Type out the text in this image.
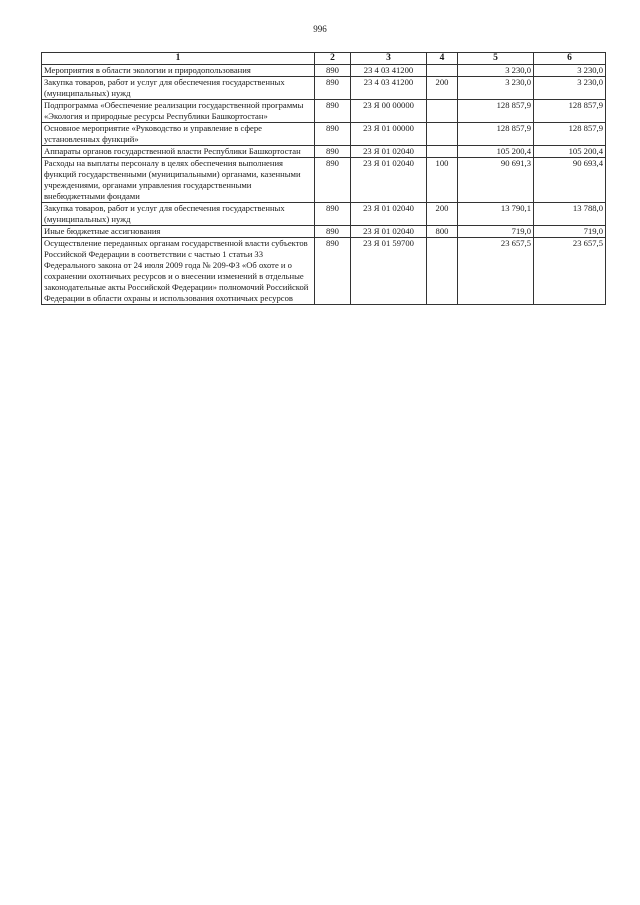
996
1	2	3	4	5	6
Мероприятия в области экологии и природопользования	890	23 4 03 41200		3 230,0	3 230,0
Закупка товаров, работ и услуг для обеспечения государственных (муниципальных) нужд	890	23 4 03 41200	200	3 230,0	3 230,0
Подпрограмма «Обеспечение реализации государственной программы «Экология и природные ресурсы Республики Башкортостан»	890	23 Я 00 00000		128 857,9	128 857,9
Основное мероприятие «Руководство и управление в сфере установленных функций»	890	23 Я 01 00000		128 857,9	128 857,9
Аппараты органов государственной власти Республики Башкортостан	890	23 Я 01 02040		105 200,4	105 200,4
Расходы на выплаты персоналу в целях обеспечения выполнения функций государственными (муниципальными) органами, казенными учреждениями, органами управления государственными внебюджетными фондами	890	23 Я 01 02040	100	90 691,3	90 693,4
Закупка товаров, работ и услуг для обеспечения государственных (муниципальных) нужд	890	23 Я 01 02040	200	13 790,1	13 788,0
Иные бюджетные ассигнования	890	23 Я 01 02040	800	719,0	719,0
Осуществление переданных органам государственной власти субъектов Российской Федерации в соответствии с частью 1 статьи 33 Федерального закона от 24 июля 2009 года № 209-ФЗ «Об охоте и о сохранении охотничьих ресурсов и о внесении изменений в отдельные законодательные акты Российской Федерации» полномочий Российской Федерации в области охраны и использования охотничьих ресурсов	890	23 Я 01 59700		23 657,5	23 657,5
